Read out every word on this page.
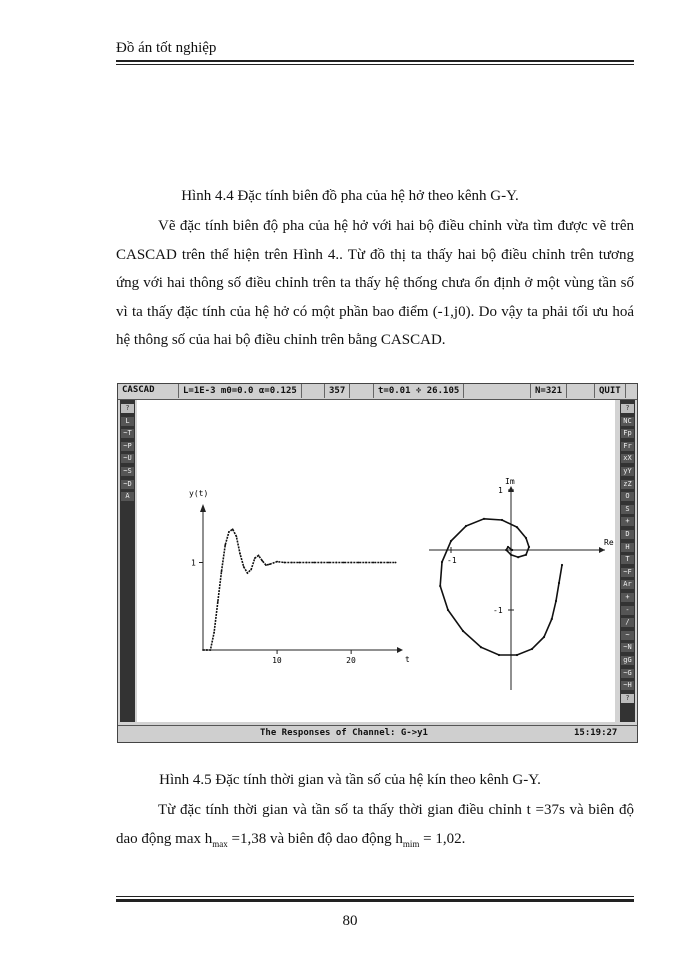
Đồ án tốt nghiệp
Hình 4.4 Đặc tính biên đồ pha của hệ hở theo kênh G-Y.

Vẽ đặc tính biên độ pha của hệ hở với hai bộ điều chỉnh vừa tìm được vẽ trên CASCAD trên thể hiện trên Hình 4.. Từ đồ thị ta thấy hai bộ điều chỉnh trên tương ứng với hai thông số điều chỉnh trên ta thấy hệ thống chưa ổn định ở một vùng tần số vì ta thấy đặc tính của hệ hở có một phần bao điểm (-1,j0). Do vậy ta phải tối ưu hoá hệ thông số của hai bộ điều chỉnh trên bằng CASCAD.

CASCAD	L=1E-3 m0=0.0 α=0.125	357	t=0.01 ÷ 26.105	N=321	QUIT
?
L
~T
~P
~U
~S
~D
Â
?
NC
Fp
Fr
xX
yY
zZ
O
S
+
D
H
T
~F
Ar
+
-
/
~
~N
gG
~G
~H
?
y(t)
t
10	20
1
Re
Im
-1
1
-1
The Responses of Channel: G->y1	15:19:27
Hình 4.5 Đặc tính thời gian và tần số của hệ kín theo kênh G-Y.

Từ đặc tính thời gian và tần số ta thấy thời gian điều chỉnh t =37s và biên độ dao động $\max h_{max} =1,38$ và biên độ dao động $h_{mim} = 1,02$.

80
